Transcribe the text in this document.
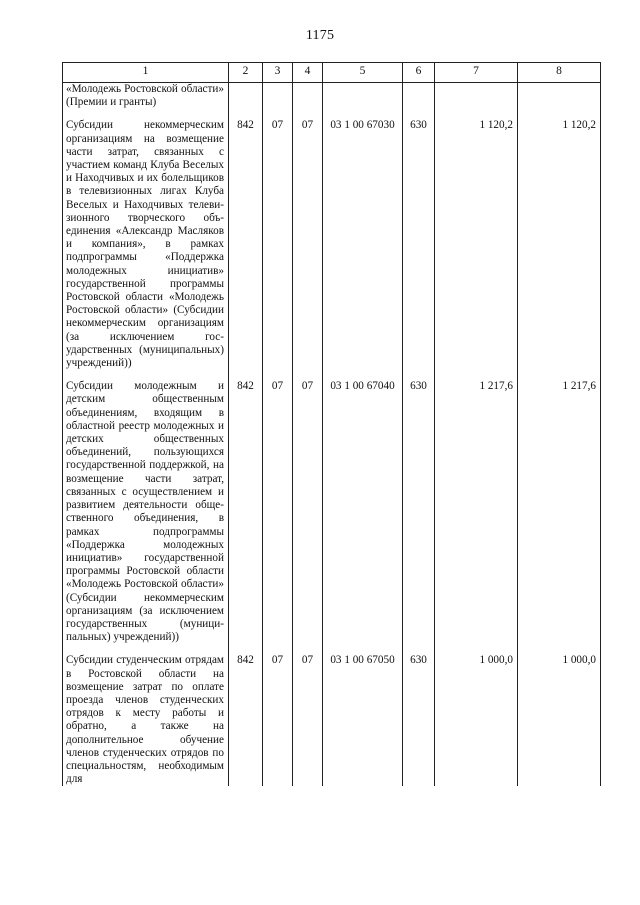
1175
1	2	3	4	5	6	7	8
«Молодежь Ростовской области» (Премии и гранты)							
Субсидии некоммерческим организациям на возмещение части затрат, связанных с участием команд Клуба Веселых и Находчивых и их болельщиков в телевизионных лигах Клуба Веселых и Находчивых телевизионного творческого объединения «Александр Масляков и компания», в рамках подпрограммы «Поддержка молодежных инициатив» государственной программы Ростовской области «Молодежь Ростовской области» (Субсидии некоммерческим организациям (за исключением государственных (муниципальных) учреждений))	842	07	07	03 1 00 67030	630	1 120,2	1 120,2
Субсидии молодежным и детским общественным объединениям, входящим в областной реестр молодежных и детских общественных объединений, пользующихся государственной поддержкой, на возмещение части затрат, связанных с осуществлением и развитием деятельности общественного объединения, в рамках подпрограммы «Поддержка молодежных инициатив» государственной программы Ростовской области «Молодежь Ростовской области» (Субсидии некоммерческим организациям (за исключением государственных (муниципальных) учреждений))	842	07	07	03 1 00 67040	630	1 217,6	1 217,6
Субсидии студенческим отрядам в Ростовской области на возмещение затрат по оплате проезда членов студенческих отрядов к месту работы и обратно, а также на дополнительное обучение членов студенческих отрядов по специальностям, необходимым для	842	07	07	03 1 00 67050	630	1 000,0	1 000,0
